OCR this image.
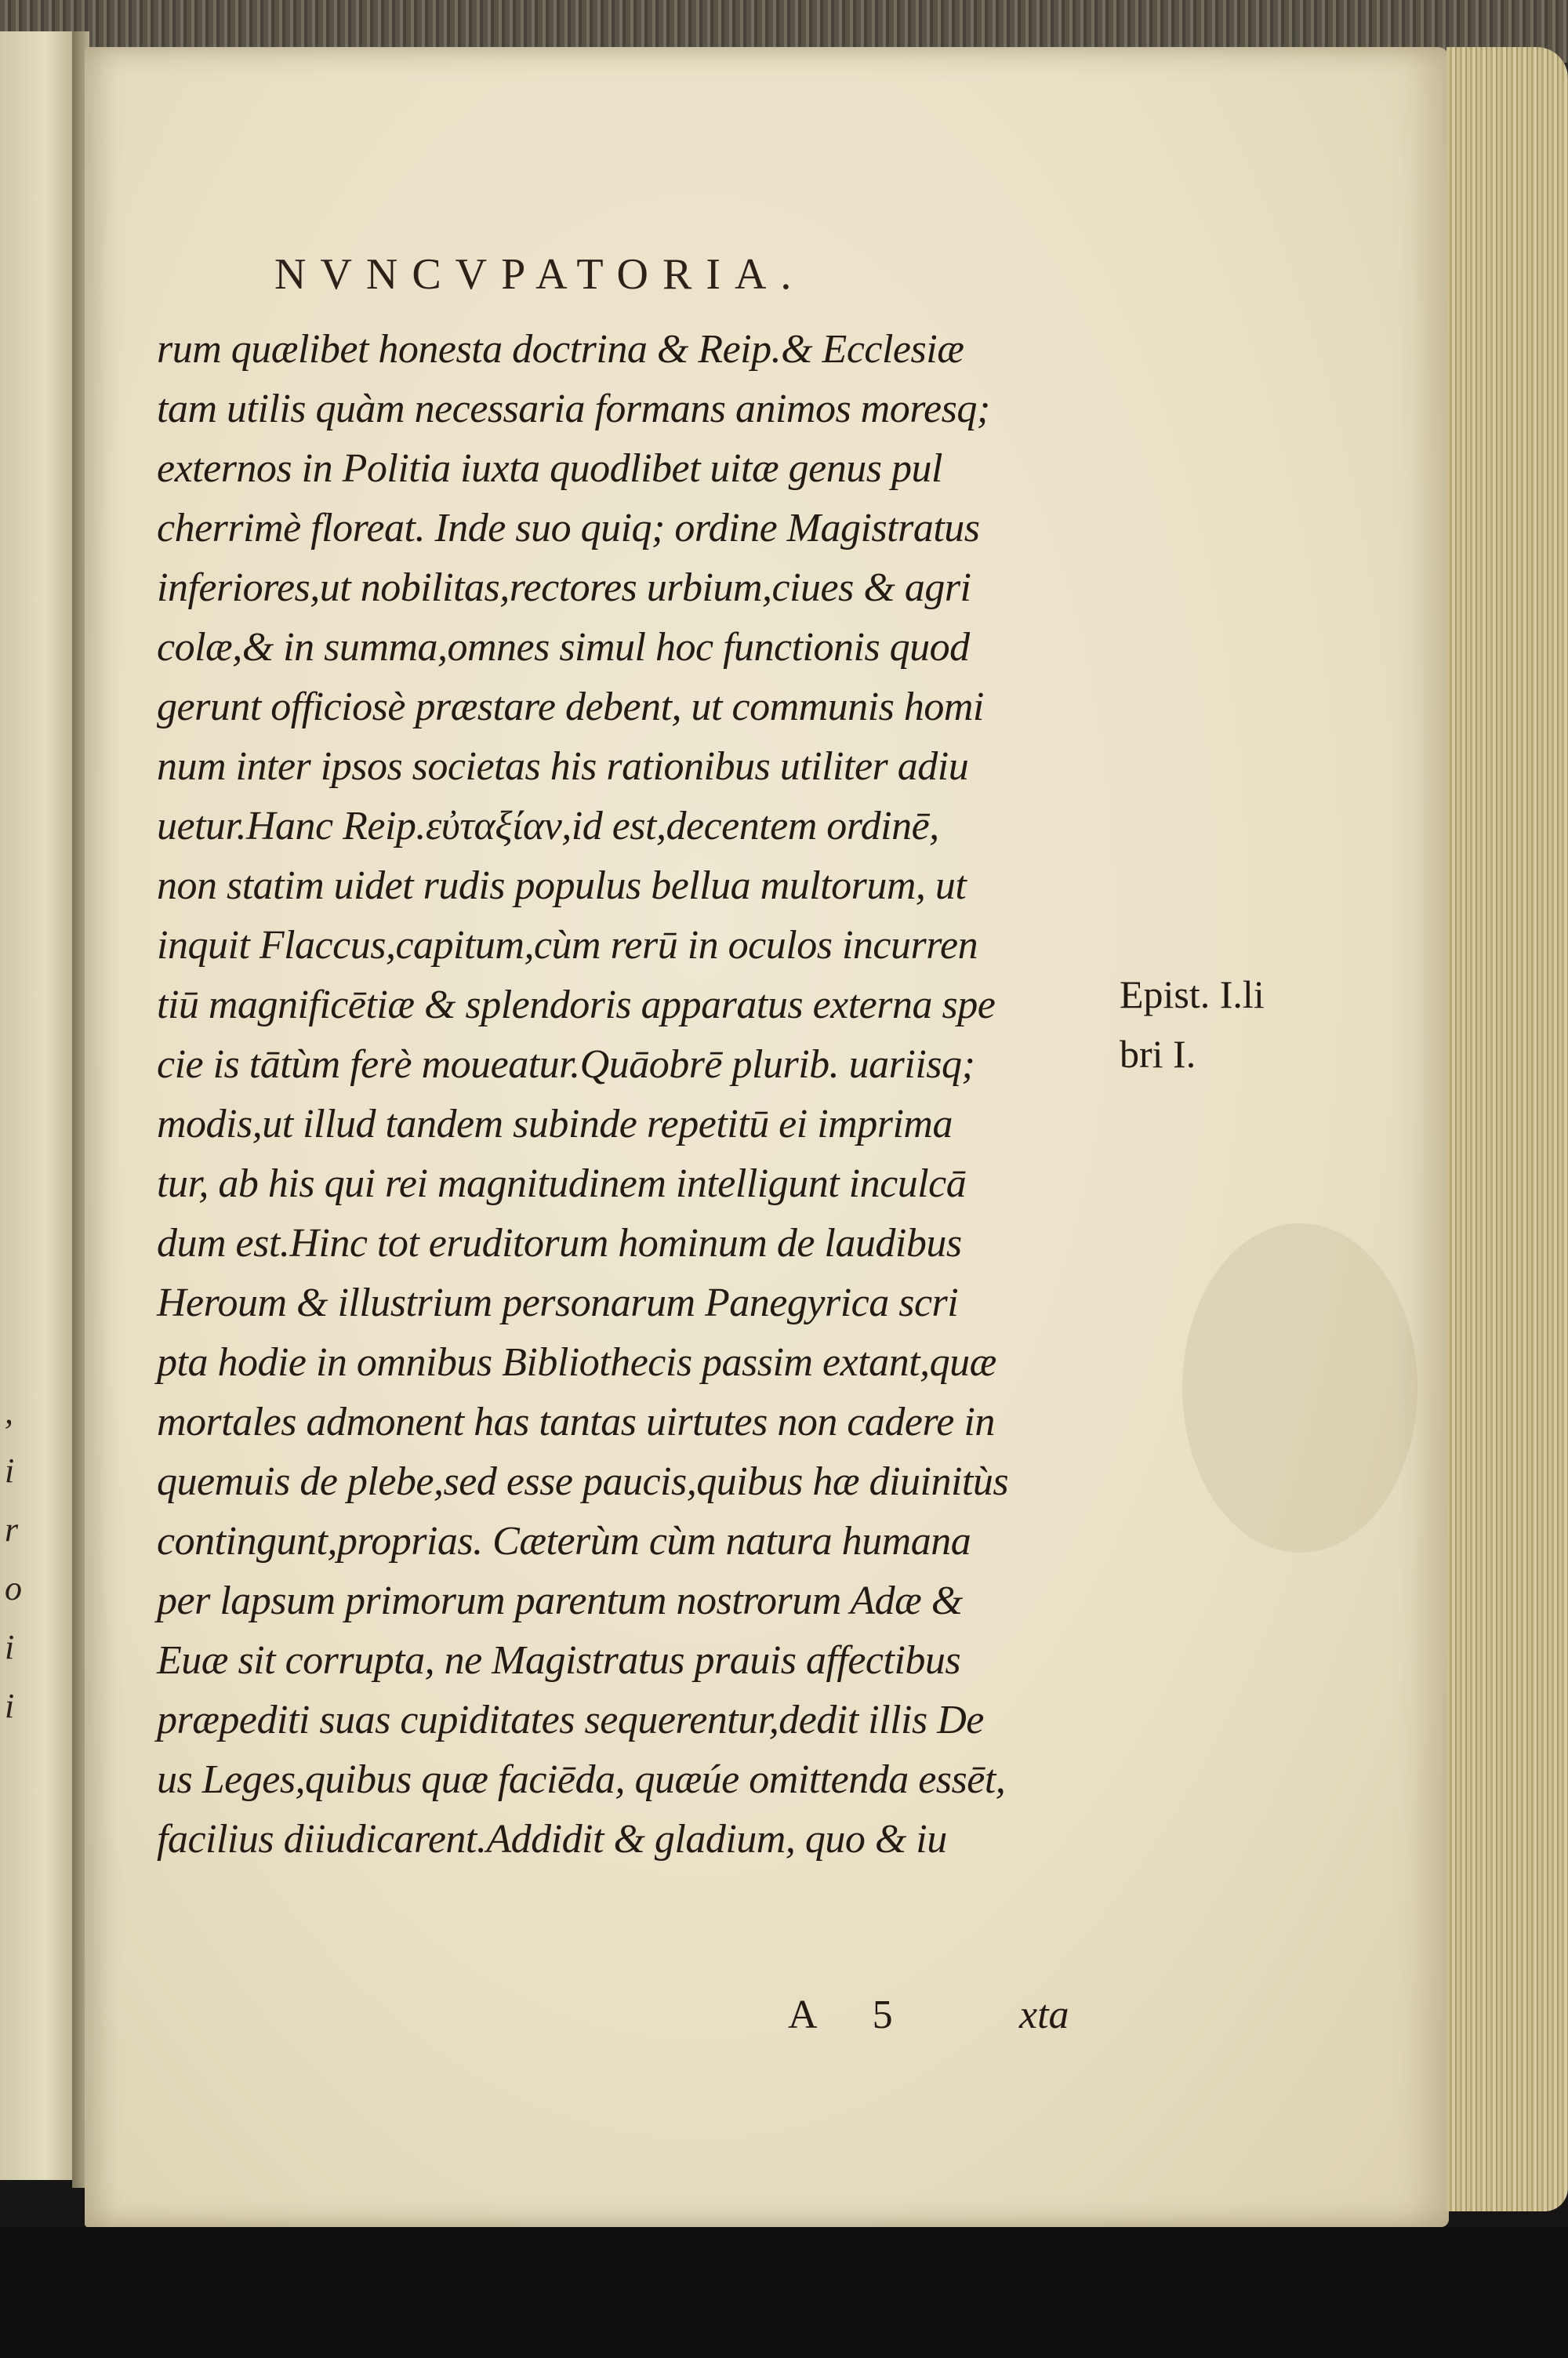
,
i
r
o
i
i
NVNCVPATORIA.
rum quælibet honesta doctrina & Reip.& Ecclesiæ
tam utilis quàm necessaria formans animos moresq;
externos in Politia iuxta quodlibet uitæ genus pul
cherrimè floreat. Inde suo quiq; ordine Magistratus
inferiores,ut nobilitas,rectores urbium,ciues & agri
colæ,& in summa,omnes simul hoc functionis quod
gerunt officiosè præstare debent, ut communis homi
num inter ipsos societas his rationibus utiliter adiu
uetur.Hanc Reip.εὐταξίαν,id est,decentem ordinē,
non statim uidet rudis populus bellua multorum, ut
inquit Flaccus,capitum,cùm rerū in oculos incurren
tiū magnificētiæ & splendoris apparatus externa spe
cie is tātùm ferè moueatur.Quāobrē plurib. uariisq;
modis,ut illud tandem subinde repetitū ei imprima
tur, ab his qui rei magnitudinem intelligunt inculcā
dum est.Hinc tot eruditorum hominum de laudibus
Heroum & illustrium personarum Panegyrica scri
pta hodie in omnibus Bibliothecis passim extant,quæ
mortales admonent has tantas uirtutes non cadere in
quemuis de plebe,sed esse paucis,quibus hæ diuinitùs
contingunt,proprias. Cæterùm cùm natura humana
per lapsum primorum parentum nostrorum Adæ &
Euæ sit corrupta, ne Magistratus prauis affectibus
præpediti suas cupiditates sequerentur,dedit illis De
us Leges,quibus quæ faciēda, quæúe omittenda essēt,
facilius diiudicarent.Addidit & gladium, quo & iu
Epist. I.li
bri I.
A 5	xta
